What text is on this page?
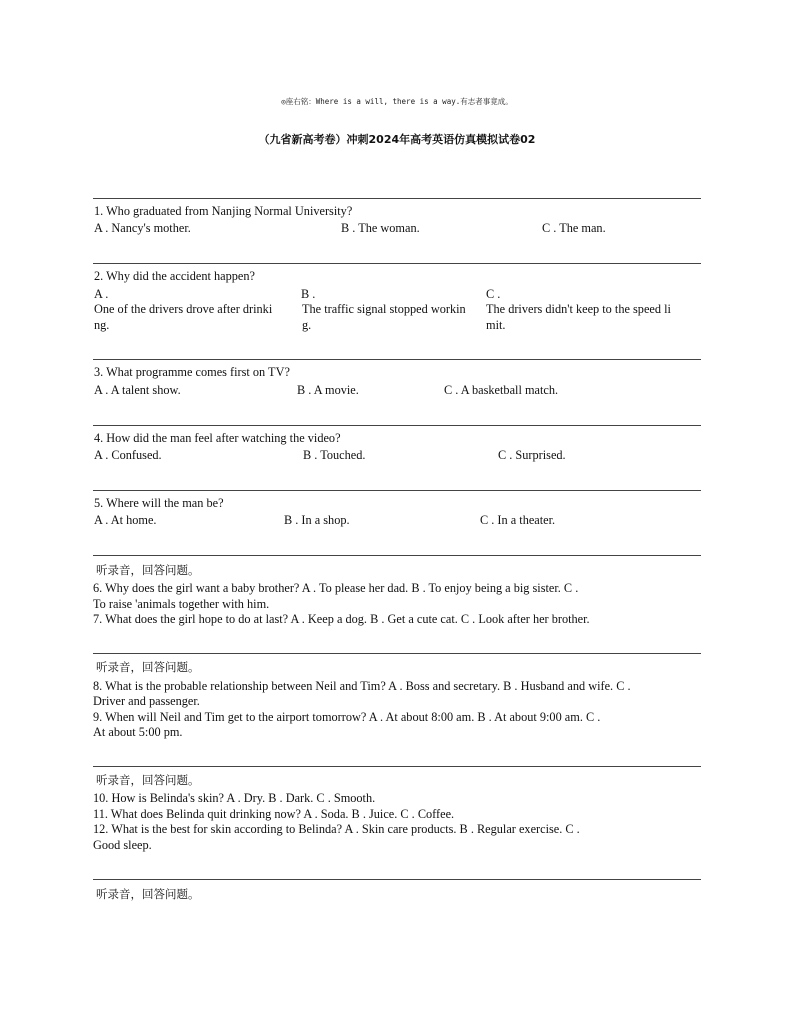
◎座右铭：Where is a will, there is a way.有志者事竟成。
（九省新高考卷）冲刺2024年高考英语仿真模拟试卷02
1. Who graduated from Nanjing Normal University?
A . Nancy's mother.	B . The woman.	C . The man.
2. Why did the accident happen?
A .
One of the drivers drove after drinki
ng.
B .
The traffic signal stopped workin
g.
C .
The drivers didn't keep to the speed li
mit.
3. What programme comes first on TV?
A . A talent show.	B . A movie.	C . A basketball match.
4. How did the man feel after watching the video?
A . Confused.	B . Touched.	C . Surprised.
5. Where will the man be?
A . At home.	B . In a shop.	C . In a theater.
听录音，回答问题。
6. Why does the girl want a baby brother? A . To please her dad. B . To enjoy being a big sister. C .
To raise 'animals together with him.
7. What does the girl hope to do at last? A . Keep a dog. B . Get a cute cat. C . Look after her brother.
听录音，回答问题。
8. What is the probable relationship between Neil and Tim? A . Boss and secretary. B . Husband and wife. C .
Driver and passenger.
9. When will Neil and Tim get to the airport tomorrow? A . At about 8:00 am. B . At about 9:00 am. C .
At about 5:00 pm.
听录音，回答问题。
10. How is Belinda's skin? A . Dry. B . Dark. C . Smooth.
11. What does Belinda quit drinking now? A . Soda. B . Juice. C . Coffee.
12. What is the best for skin according to Belinda? A . Skin care products. B . Regular exercise. C .
Good sleep.
听录音，回答问题。
